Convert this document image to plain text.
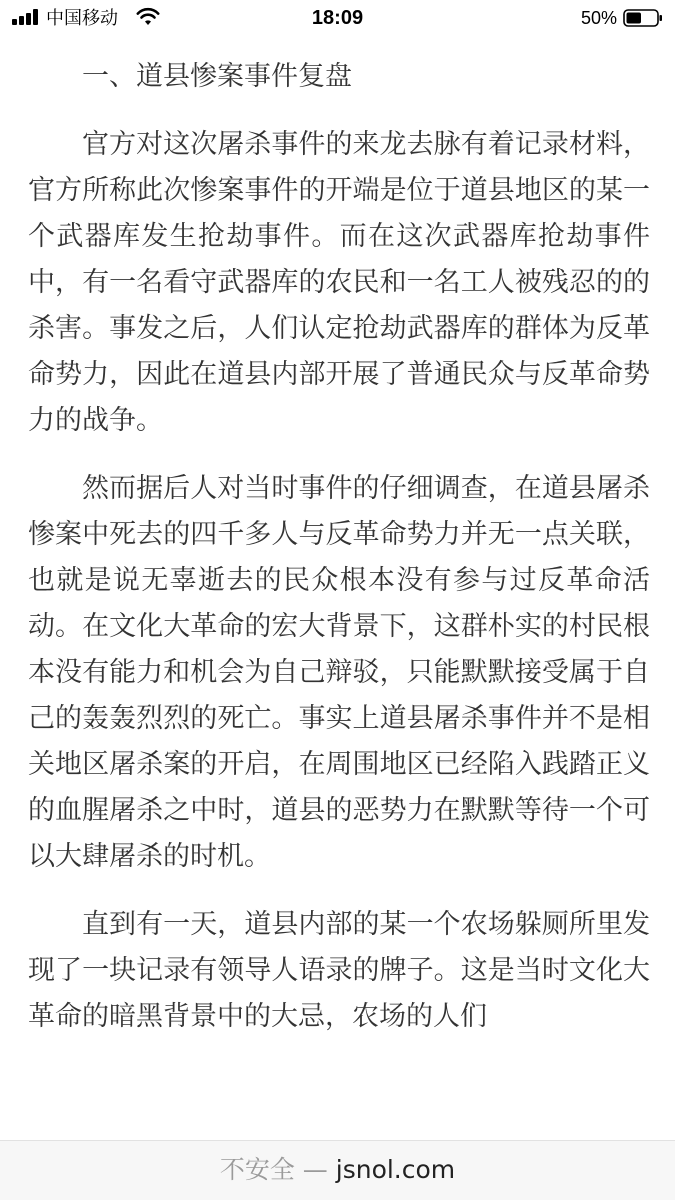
中国移动	18:09	50%
一、道县惨案事件复盘

官方对这次屠杀事件的来龙去脉有着记录材料，官方所称此次惨案事件的开端是位于道县地区的某一个武器库发生抢劫事件。而在这次武器库抢劫事件中，有一名看守武器库的农民和一名工人被残忍的的杀害。事发之后，人们认定抢劫武器库的群体为反革命势力，因此在道县内部开展了普通民众与反革命势力的战争。

然而据后人对当时事件的仔细调查，在道县屠杀惨案中死去的四千多人与反革命势力并无一点关联，也就是说无辜逝去的民众根本没有参与过反革命活动。在文化大革命的宏大背景下，这群朴实的村民根本没有能力和机会为自己辩驳，只能默默接受属于自己的轰轰烈烈的死亡。事实上道县屠杀事件并不是相关地区屠杀案的开启，在周围地区已经陷入践踏正义的血腥屠杀之中时，道县的恶势力在默默等待一个可以大肆屠杀的时机。

直到有一天，道县内部的某一个农场躲厕所里发现了一块记录有领导人语录的牌子。这是当时文化大革命的暗黑背景中的大忌，农场的人们

不安全 — jsnol.com
